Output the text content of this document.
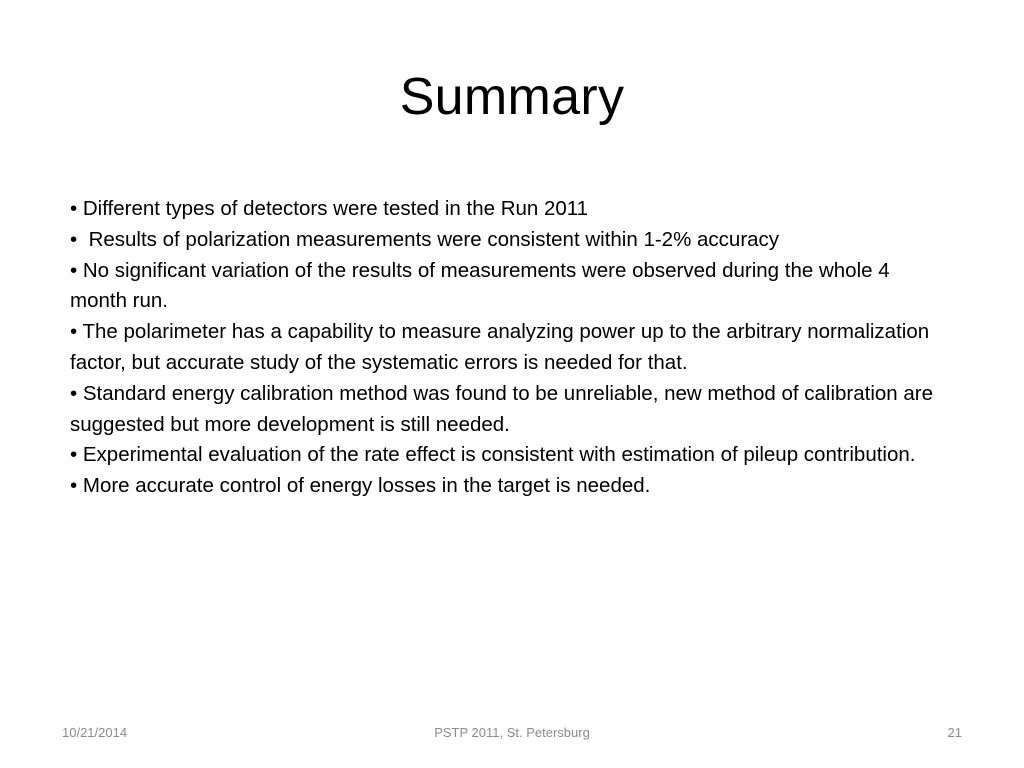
Summary

• Different types of detectors were tested in the Run 2011

•  Results of polarization measurements were consistent within 1-2% accuracy

• No significant variation of the results of measurements were observed during the whole 4 month run.

• The polarimeter has a capability to measure analyzing power up to the arbitrary normalization factor, but accurate study of the systematic errors is needed for that.

• Standard energy calibration method was found to be unreliable, new method of calibration are suggested but more development is still needed.

• Experimental evaluation of the rate effect is consistent with estimation of pileup contribution.

• More accurate control of energy losses in the target is needed.

10/21/2014	PSTP 2011, St. Petersburg	21
